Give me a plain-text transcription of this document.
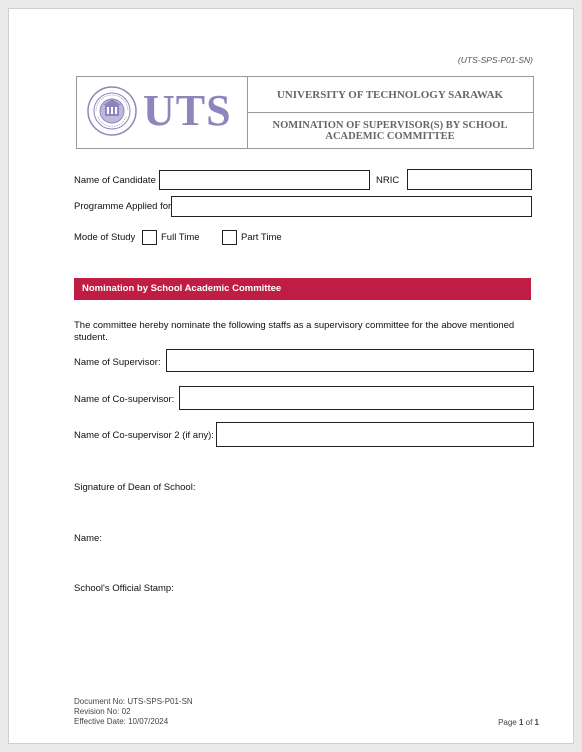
(UTS-SPS-P01-SN)
UTS	UNIVERSITY OF TECHNOLOGY SARAWAK
NOMINATION OF SUPERVISOR(S) BY SCHOOL ACADEMIC COMMITTEE
Name of Candidate	NRIC
Programme Applied for
Mode of Study	Full Time	Part Time
Nomination by School Academic Committee
The committee hereby nominate the following staffs as a supervisory committee for the above mentioned student.
Name of Supervisor:
Name of Co-supervisor:
Name of Co-supervisor 2 (if any):
Signature of Dean of School:
Name:
School's Official Stamp:
Document No: UTS-SPS-P01-SN
Revision No: 02
Effective Date: 10/07/2024	Page 1 of 1
